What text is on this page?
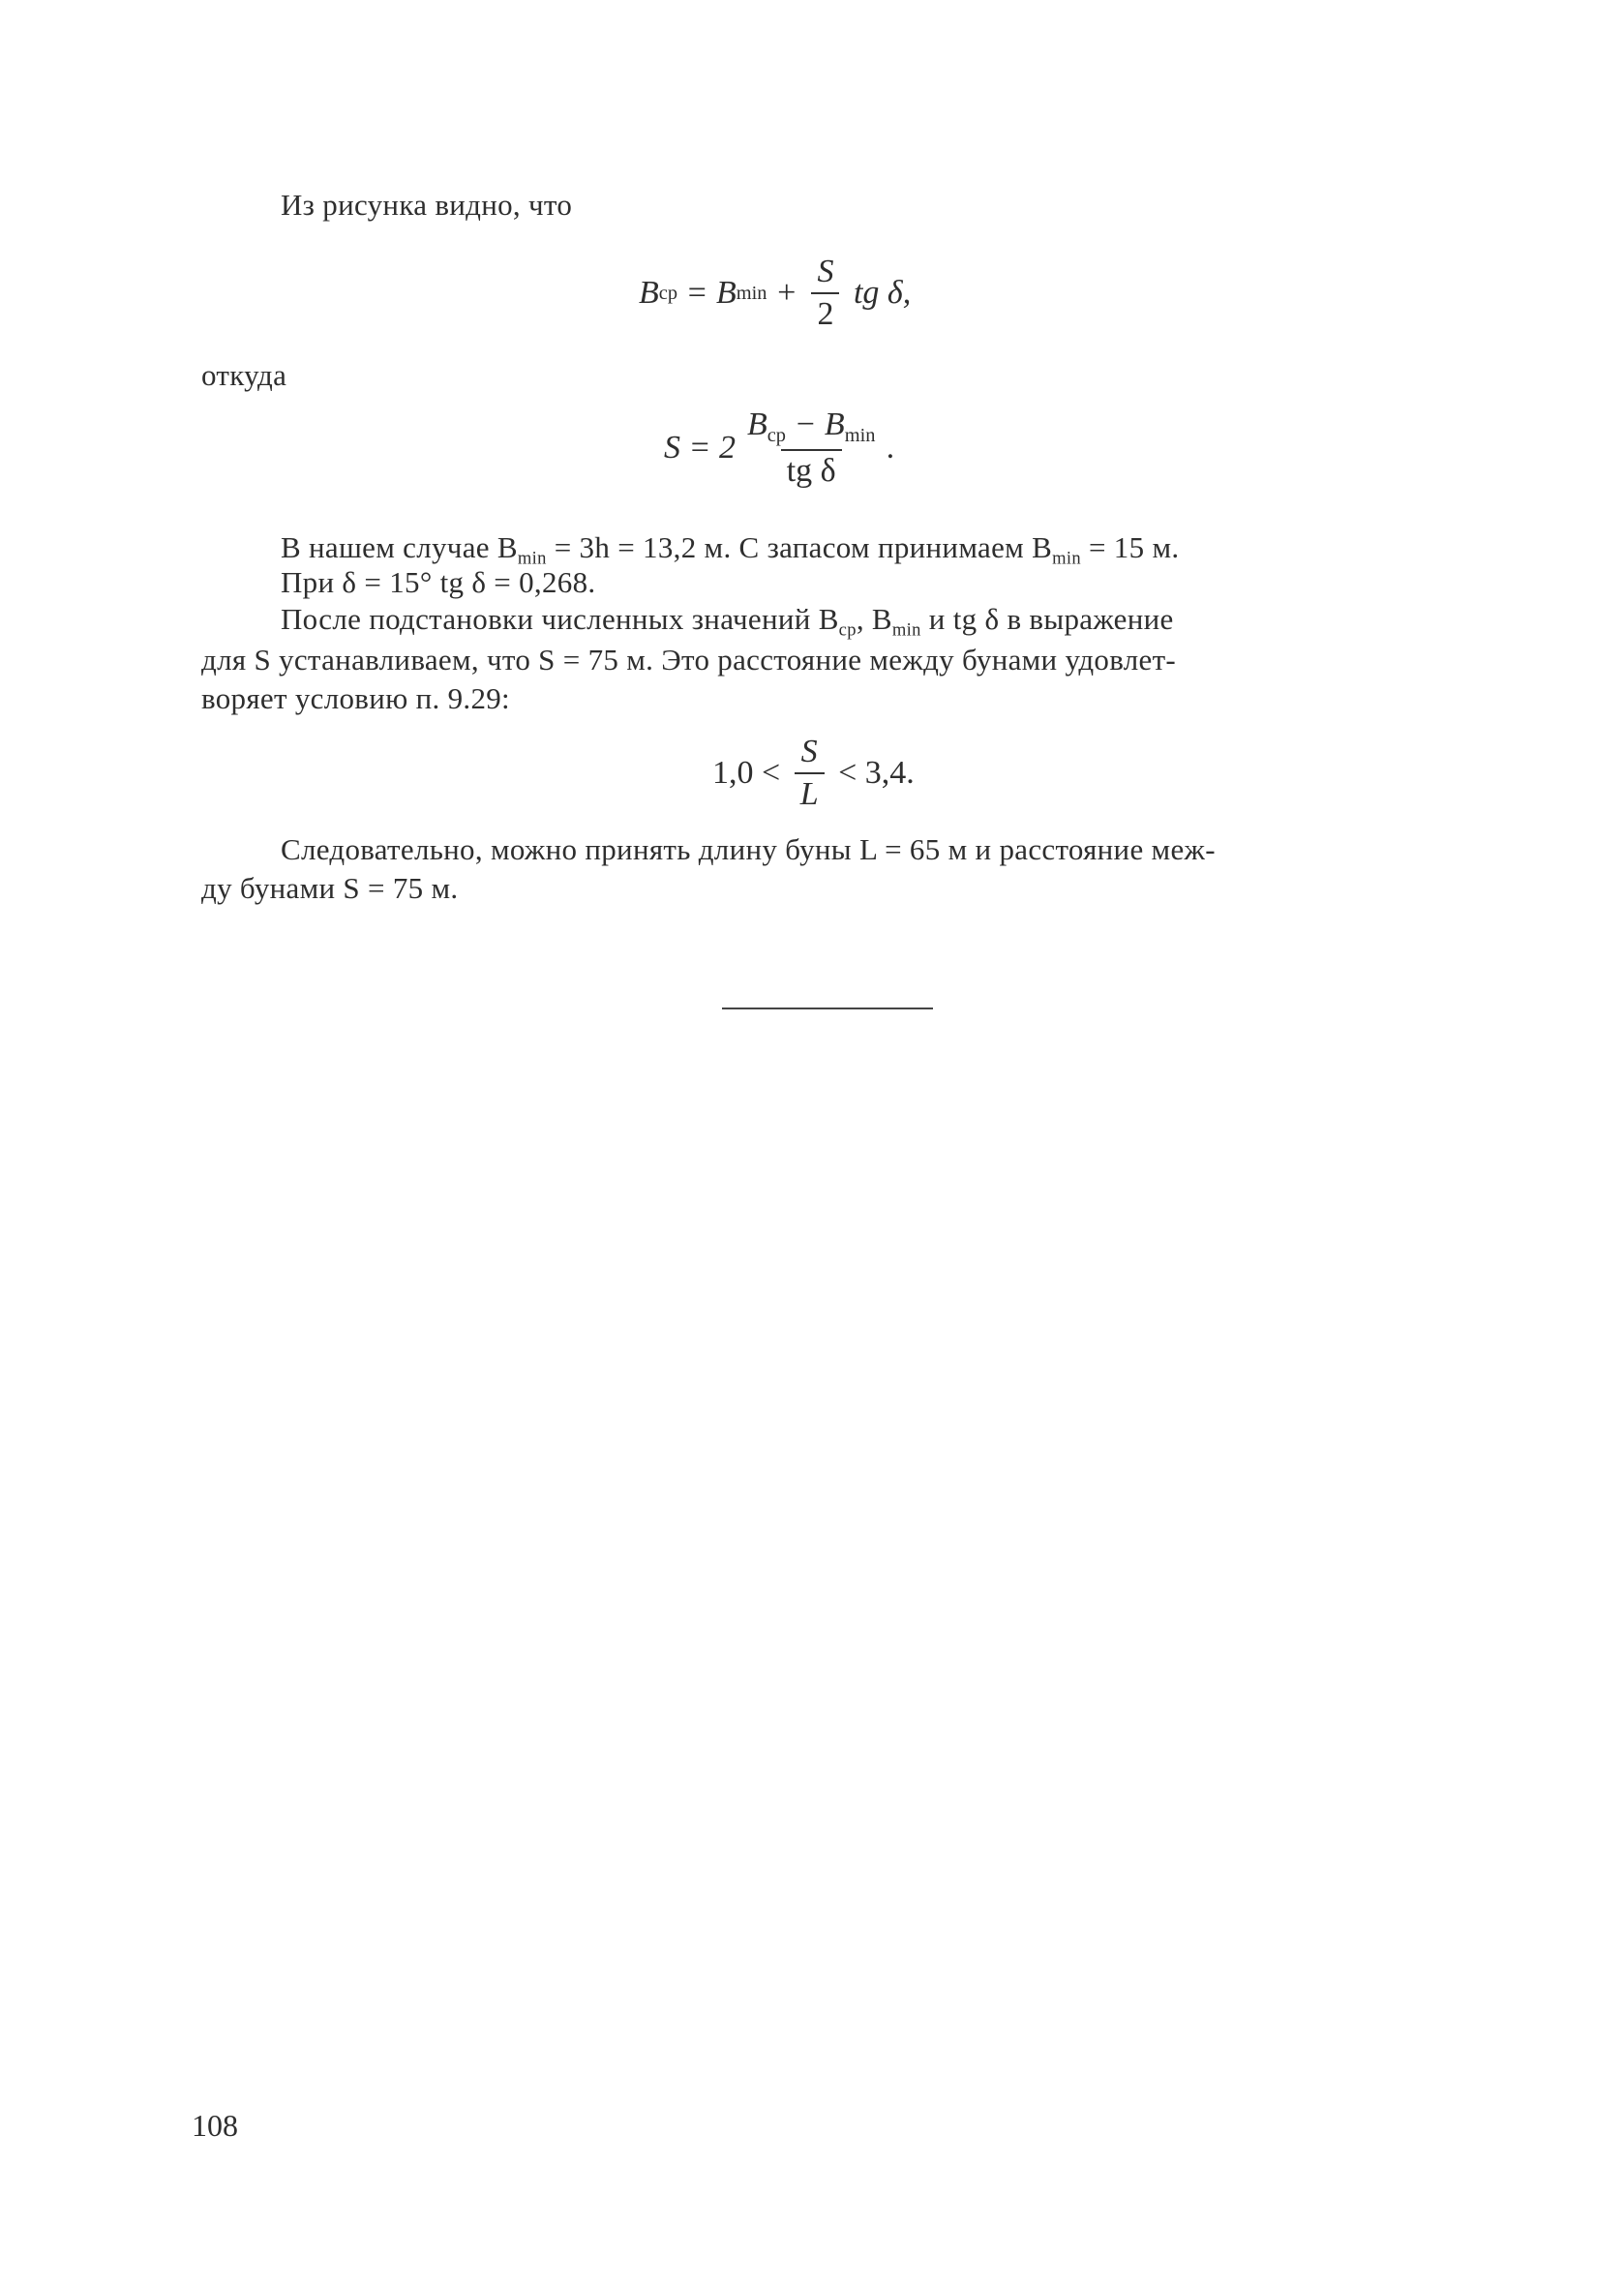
Из рисунка видно, что
B ср = B $\min + \frac{S}{2}$ tg δ,
откуда
$S = 2 \frac{B_{ср} - B_{min}}{\text{tg δ}}$ .
В нашем случае $B_{min} = 3h = 13,2$ м. С запасом принимаем $B_{min} = 15$ м.
При δ = 15° tg δ = 0,268.
После подстановки численных значений $B_{ср}$, $B_{min}$ и tg δ в выражение
для S устанавливаем, что S = 75 м. Это расстояние между бунами удовлет-
воряет условию п. 9.29:
$1,0 < \frac{S}{L} < 3,4$.
Следовательно, можно принять длину буны L = 65 м и расстояние меж-
ду бунами S = 75 м.
108
